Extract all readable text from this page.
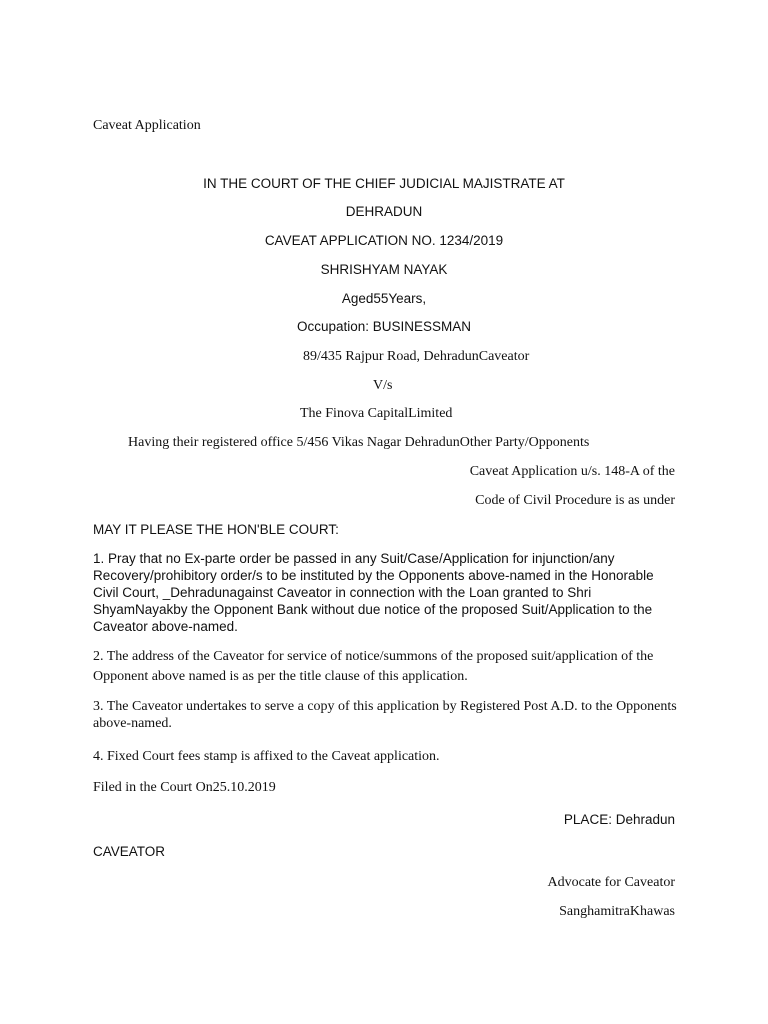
Caveat Application
IN THE COURT OF THE CHIEF JUDICIAL MAJISTRATE AT
DEHRADUN
CAVEAT APPLICATION NO. 1234/2019
SHRISHYAM NAYAK
Aged55Years,
Occupation: BUSINESSMAN
89/435 Rajpur Road, DehradunCaveator
V/s
The Finova CapitalLimited
Having their registered office 5/456 Vikas Nagar DehradunOther Party/Opponents
Caveat Application u/s. 148-A of the
Code of Civil Procedure is as under
MAY IT PLEASE THE HON'BLE COURT:
1. Pray that no Ex-parte order be passed in any Suit/Case/Application for injunction/any Recovery/prohibitory order/s to be instituted by the Opponents above-named in the Honorable Civil Court, _Dehradunagainst Caveator in connection with the Loan granted to Shri ShyamNayakby the Opponent Bank without due notice of the proposed Suit/Application to the Caveator above-named.
2. The address of the Caveator for service of notice/summons of the proposed suit/application of the Opponent above named is as per the title clause of this application.
3. The Caveator undertakes to serve a copy of this application by Registered Post A.D. to the Opponents above-named.
4. Fixed Court fees stamp is affixed to the Caveat application.
Filed in the Court On25.10.2019
PLACE: Dehradun
CAVEATOR
Advocate for Caveator
SanghamitraKhawas
